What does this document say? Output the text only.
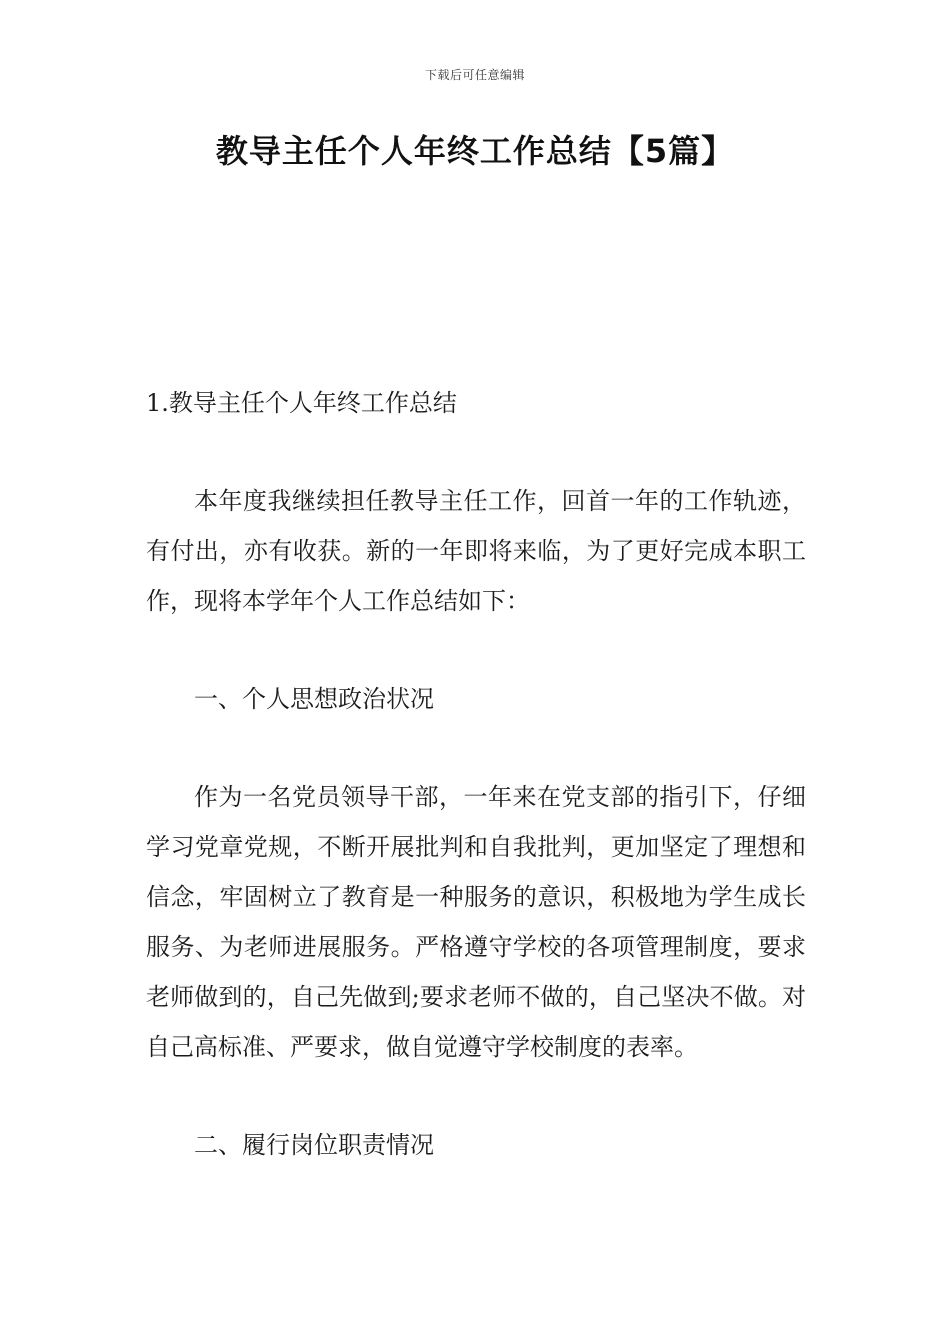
下载后可任意编辑
教导主任个人年终工作总结【5篇】

1.教导主任个人年终工作总结

本年度我继续担任教导主任工作，回首一年的工作轨迹，有付出，亦有收获。新的一年即将来临，为了更好完成本职工作，现将本学年个人工作总结如下：

一、个人思想政治状况

作为一名党员领导干部，一年来在党支部的指引下，仔细学习党章党规，不断开展批判和自我批判，更加坚定了理想和信念，牢固树立了教育是一种服务的意识，积极地为学生成长服务、为老师进展服务。严格遵守学校的各项管理制度，要求老师做到的，自己先做到;要求老师不做的，自己坚决不做。对自己高标准、严要求，做自觉遵守学校制度的表率。

二、履行岗位职责情况
